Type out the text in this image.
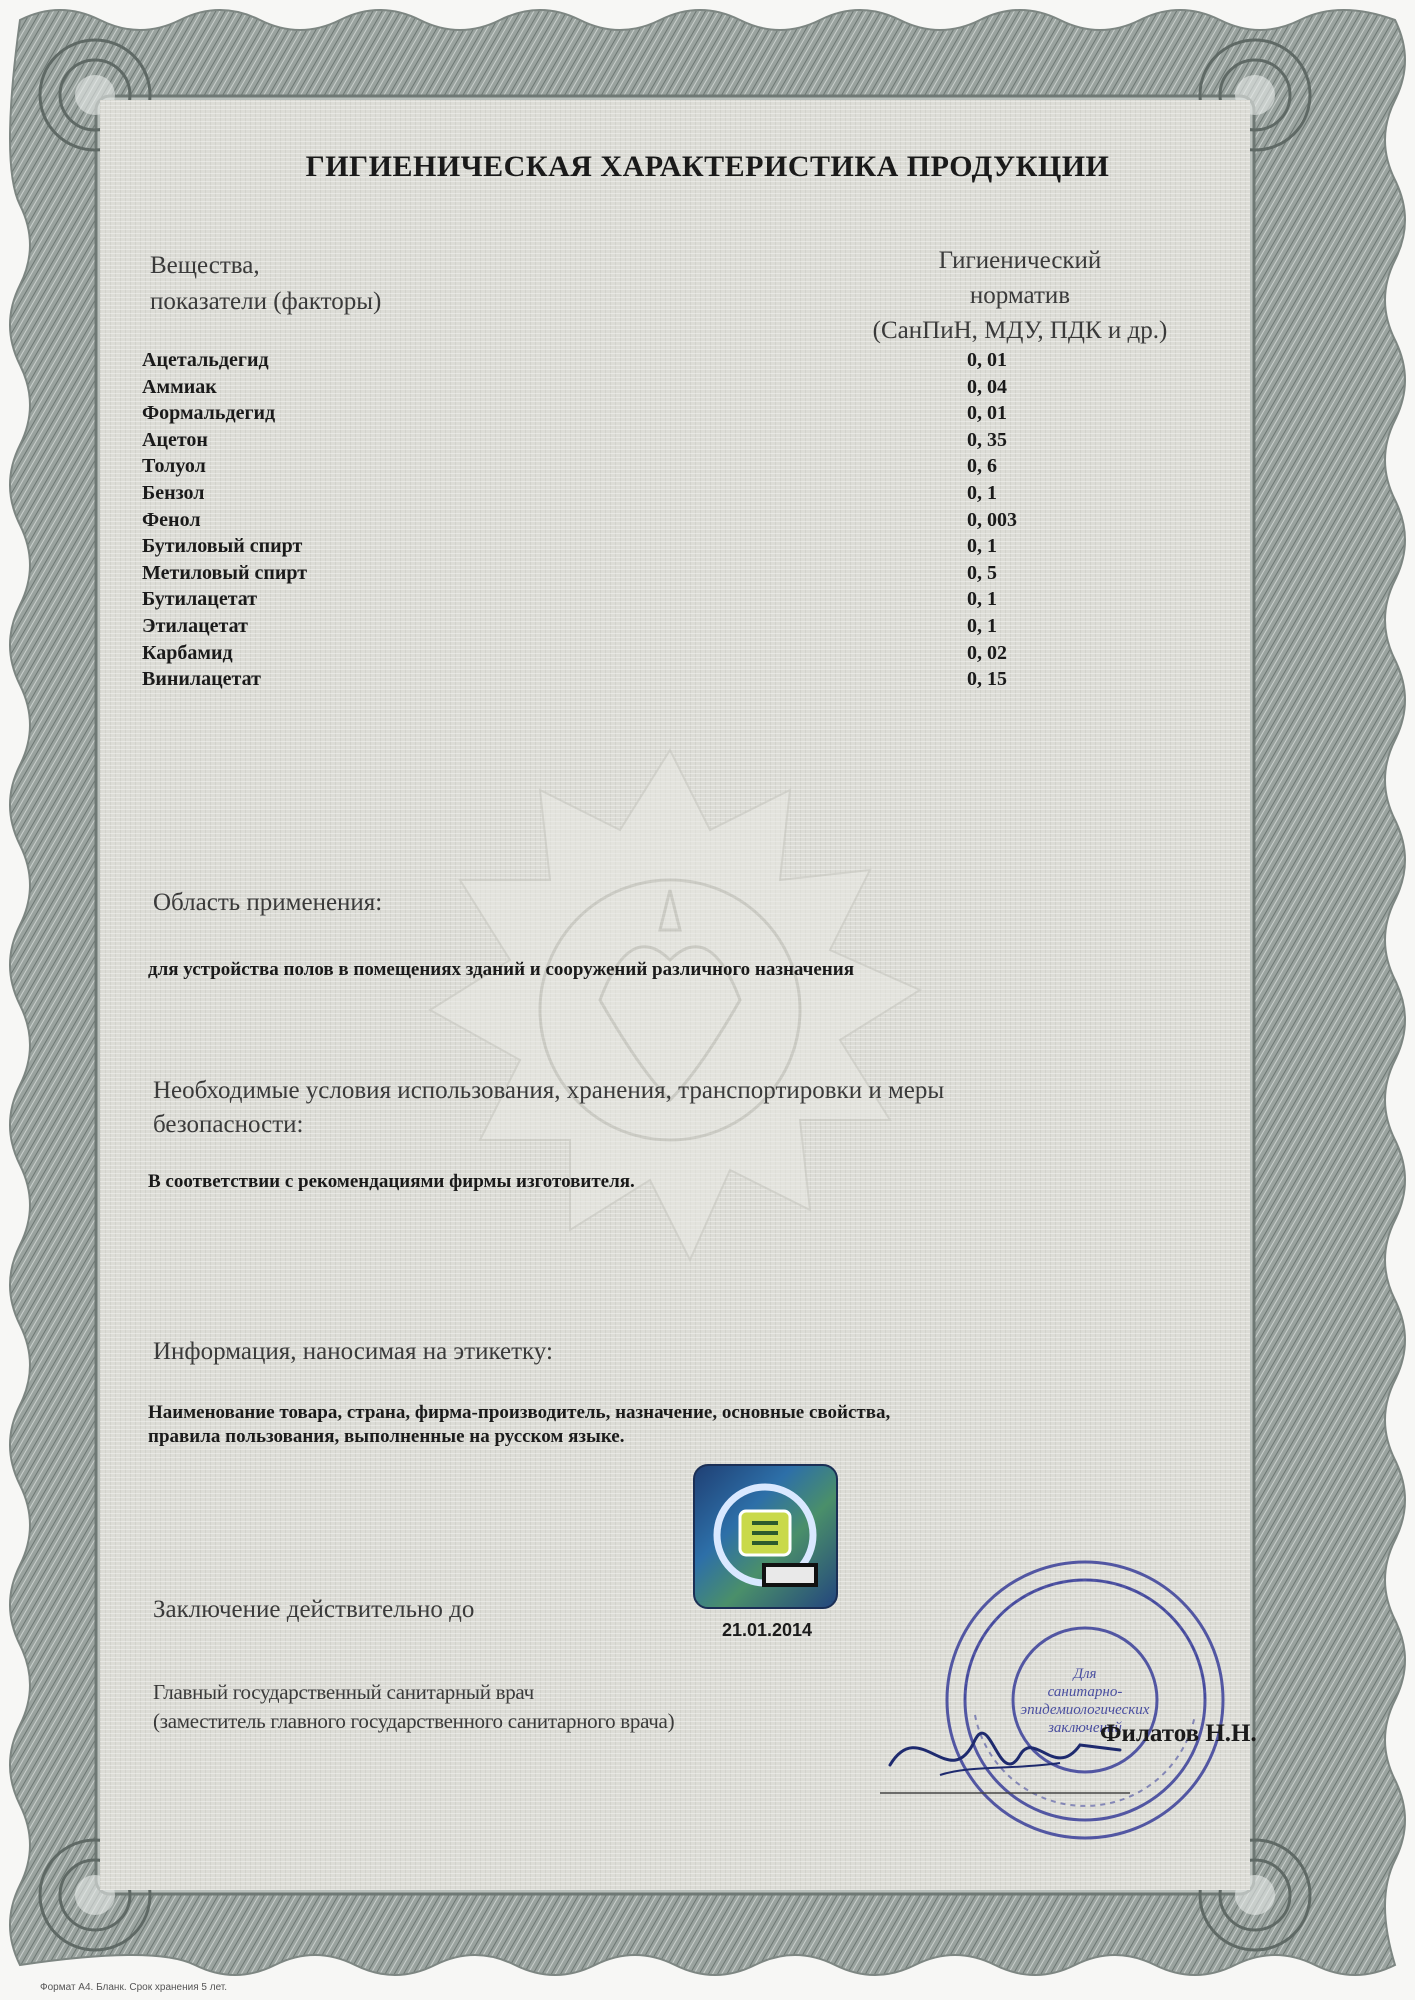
ГИГИЕНИЧЕСКАЯ ХАРАКТЕРИСТИКА ПРОДУКЦИИ
Вещества,
показатели (факторы)
Гигиенический
норматив
(СанПиН, МДУ, ПДК и др.)
Ацетальдегид	0, 01
Аммиак	0, 04
Формальдегид	0, 01
Ацетон	0, 35
Толуол	0, 6
Бензол	0, 1
Фенол	0, 003
Бутиловый спирт	0, 1
Метиловый спирт	0, 5
Бутилацетат	0, 1
Этилацетат	0, 1
Карбамид	0, 02
Винилацетат	0, 15
Область применения:
для устройства полов в помещениях зданий и сооружений различного назначения
Необходимые условия использования, хранения, транспортировки и меры
безопасности:
В соответствии с рекомендациями фирмы изготовителя.
Информация, наносимая на этикетку:
Наименование товара, страна, фирма-производитель, назначение, основные свойства,
правила пользования, выполненные на русском языке.
Заключение действительно до
21.01.2014
Главный государственный санитарный врач
(заместитель главного государственного санитарного врача)
Для
санитарно-
эпидемиологических
заключений
Филатов Н.Н.
Формат А4. Бланк. Срок хранения 5 лет.
